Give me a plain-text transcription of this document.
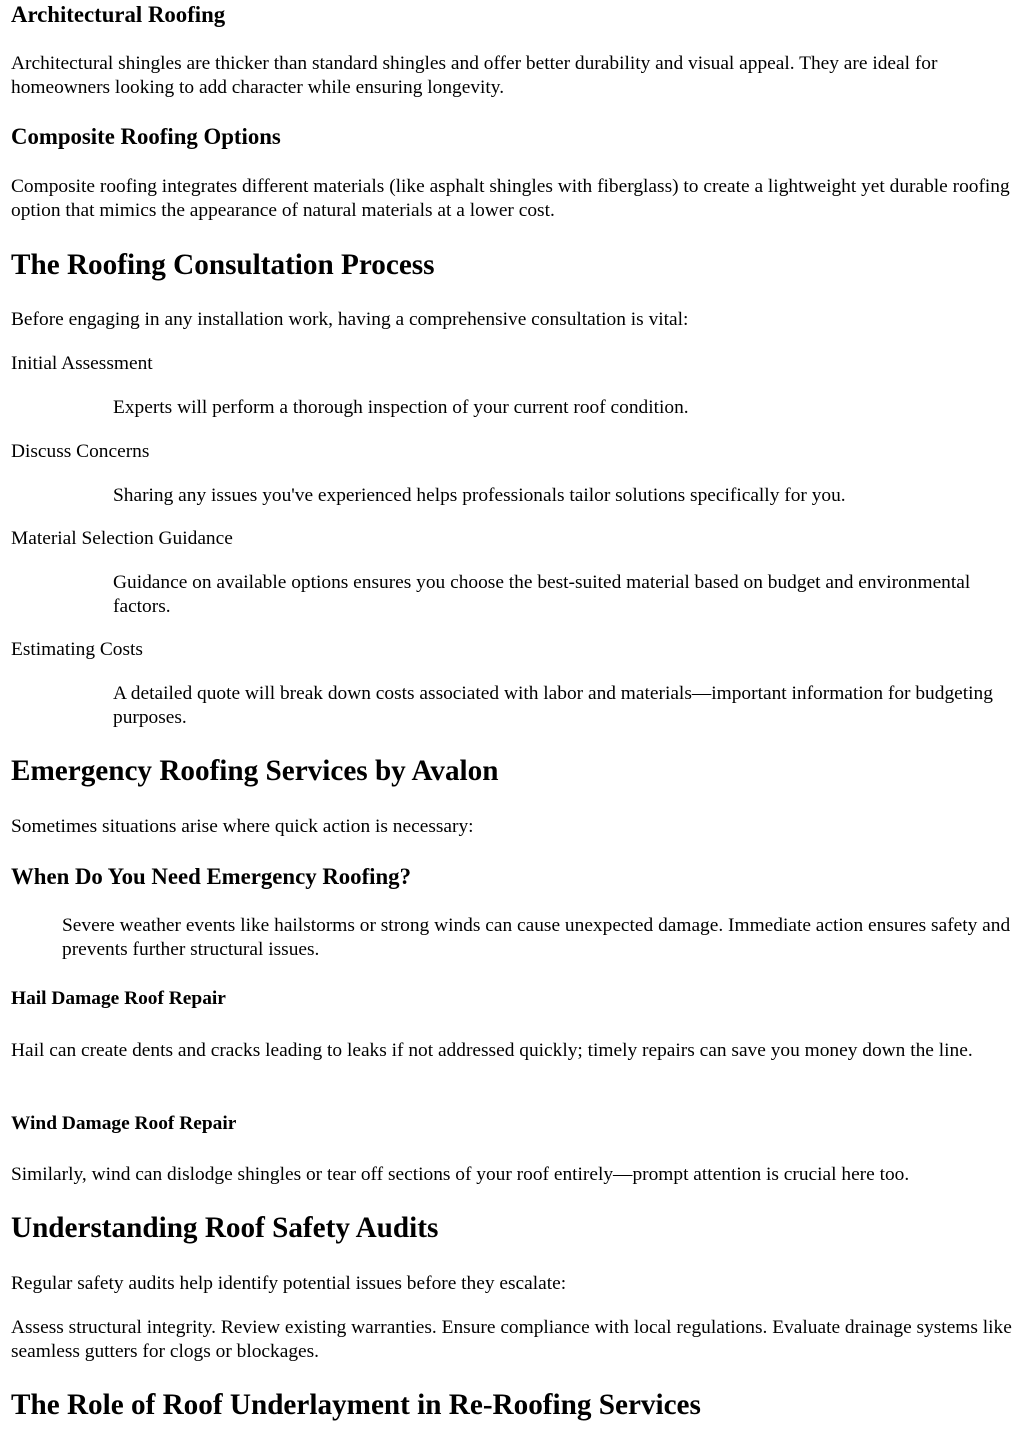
Architectural Roofing

Architectural shingles are thicker than standard shingles and offer better durability and visual appeal. They are ideal for homeowners looking to add character while ensuring longevity.

Composite Roofing Options

Composite roofing integrates different materials (like asphalt shingles with fiberglass) to create a lightweight yet durable roofing option that mimics the appearance of natural materials at a lower cost.

The Roofing Consultation Process

Before engaging in any installation work, having a comprehensive consultation is vital:

Initial Assessment
Experts will perform a thorough inspection of your current roof condition.
Discuss Concerns
Sharing any issues you've experienced helps professionals tailor solutions specifically for you.
Material Selection Guidance
Guidance on available options ensures you choose the best-suited material based on budget and environmental factors.
Estimating Costs
A detailed quote will break down costs associated with labor and materials—important information for budgeting purposes.
Emergency Roofing Services by Avalon

Sometimes situations arise where quick action is necessary:

When Do You Need Emergency Roofing?

Severe weather events like hailstorms or strong winds can cause unexpected damage. Immediate action ensures safety and prevents further structural issues.

Hail Damage Roof Repair

Hail can create dents and cracks leading to leaks if not addressed quickly; timely repairs can save you money down the line.

Wind Damage Roof Repair

Similarly, wind can dislodge shingles or tear off sections of your roof entirely—prompt attention is crucial here too.

Understanding Roof Safety Audits

Regular safety audits help identify potential issues before they escalate:

Assess structural integrity. Review existing warranties. Ensure compliance with local regulations. Evaluate drainage systems like seamless gutters for clogs or blockages.

The Role of Roof Underlayment in Re-Roofing Services
